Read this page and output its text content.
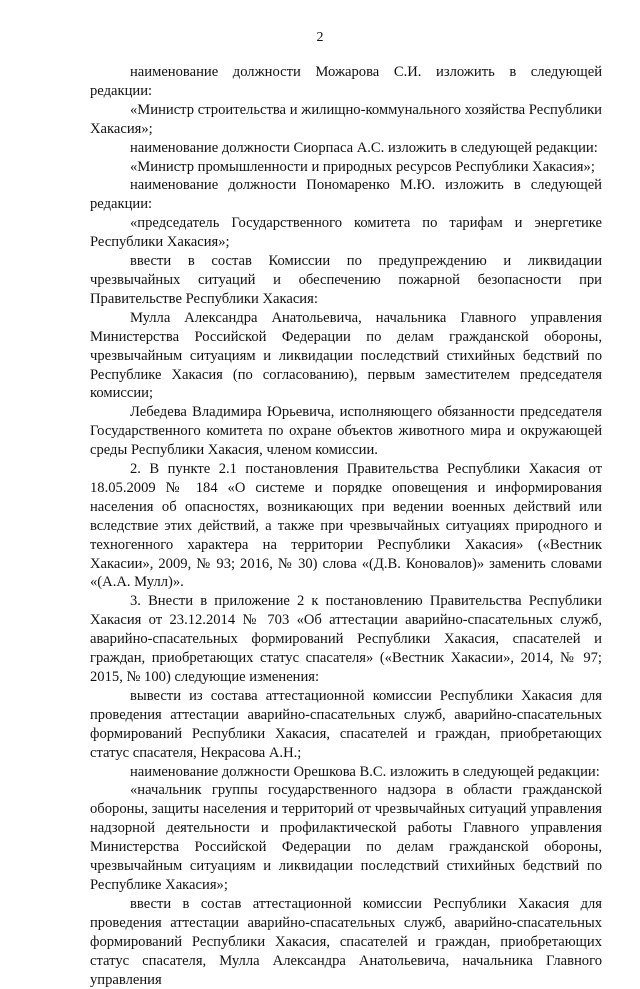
2

наименование должности Можарова С.И. изложить в следующей редакции:

«Министр строительства и жилищно-коммунального хозяйства Республики Хакасия»;

наименование должности Сиорпаса А.С. изложить в следующей редакции:

«Министр промышленности и природных ресурсов Республики Хакасия»;

наименование должности Пономаренко М.Ю. изложить в следующей редакции:

«председатель Государственного комитета по тарифам и энергетике Республики Хакасия»;

ввести в состав Комиссии по предупреждению и ликвидации чрезвычайных ситуаций и обеспечению пожарной безопасности при Правительстве Республики Хакасия:

Мулла Александра Анатольевича, начальника Главного управления Министерства Российской Федерации по делам гражданской обороны, чрезвычайным ситуациям и ликвидации последствий стихийных бедствий по Республике Хакасия (по согласованию), первым заместителем председателя комиссии;

Лебедева Владимира Юрьевича, исполняющего обязанности председателя Государственного комитета по охране объектов животного мира и окружающей среды Республики Хакасия, членом комиссии.

2. В пункте 2.1 постановления Правительства Республики Хакасия от 18.05.2009 № 184 «О системе и порядке оповещения и информирования населения об опасностях, возникающих при ведении военных действий или вследствие этих действий, а также при чрезвычайных ситуациях природного и техногенного характера на территории Республики Хакасия» («Вестник Хакасии», 2009, № 93; 2016, № 30) слова «(Д.В. Коновалов)» заменить словами «(А.А. Мулл)».

3. Внести в приложение 2 к постановлению Правительства Республики Хакасия от 23.12.2014 № 703 «Об аттестации аварийно-спасательных служб, аварийно-спасательных формирований Республики Хакасия, спасателей и граждан, приобретающих статус спасателя» («Вестник Хакасии», 2014, № 97; 2015, № 100) следующие изменения:

вывести из состава аттестационной комиссии Республики Хакасия для проведения аттестации аварийно-спасательных служб, аварийно-спасательных формирований Республики Хакасия, спасателей и граждан, приобретающих статус спасателя, Некрасова А.Н.;

наименование должности Орешкова В.С. изложить в следующей редакции:

«начальник группы государственного надзора в области гражданской обороны, защиты населения и территорий от чрезвычайных ситуаций управления надзорной деятельности и профилактической работы Главного управления Министерства Российской Федерации по делам гражданской обороны, чрезвычайным ситуациям и ликвидации последствий стихийных бедствий по Республике Хакасия»;

ввести в состав аттестационной комиссии Республики Хакасия для проведения аттестации аварийно-спасательных служб, аварийно-спасательных формирований Республики Хакасия, спасателей и граждан, приобретающих статус спасателя, Мулла Александра Анатольевича, начальника Главного управления
